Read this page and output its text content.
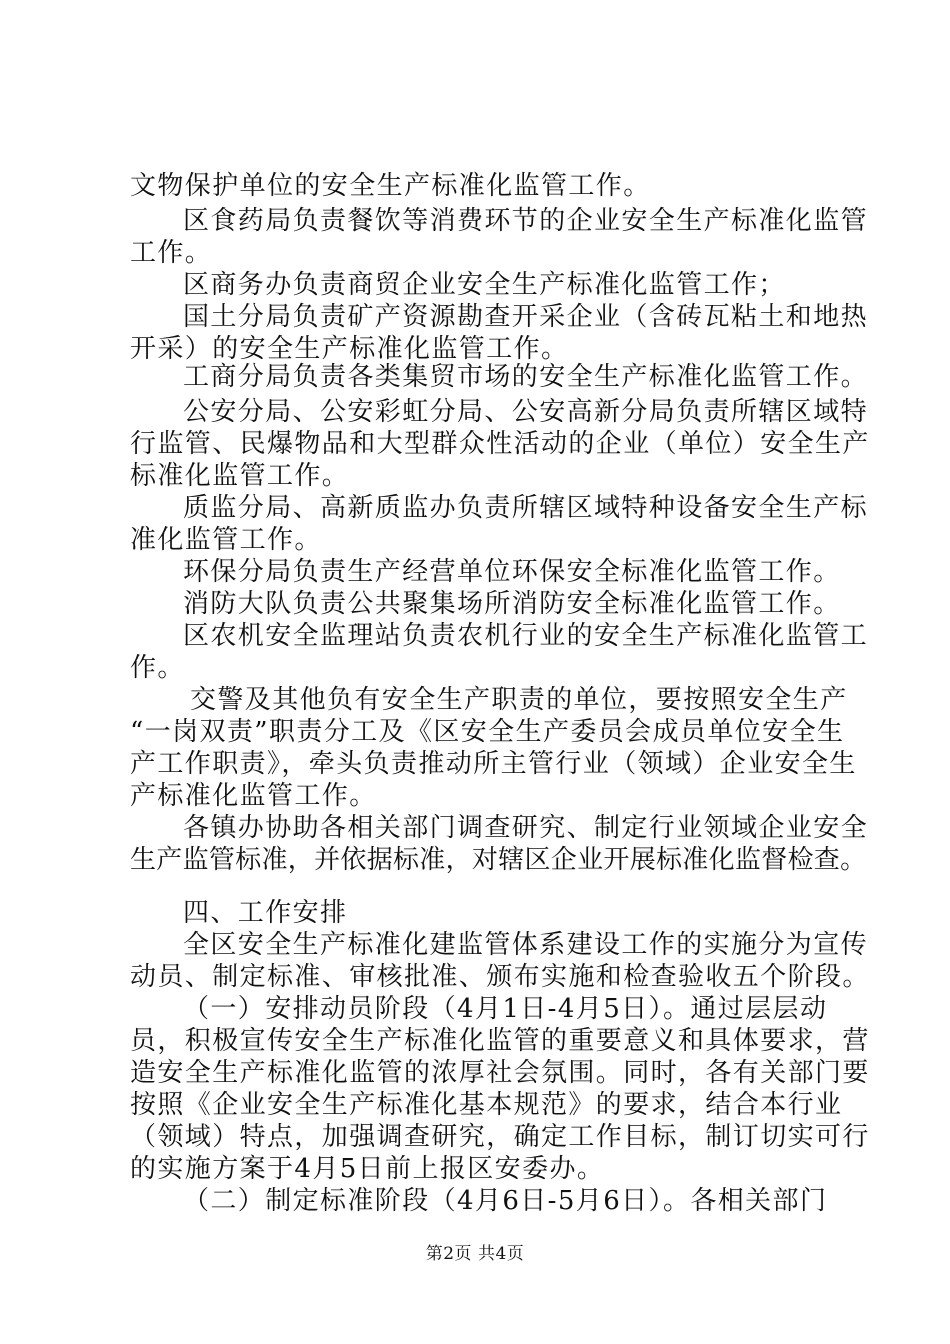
文物保护单位的安全生产标准化监管工作。
区食药局负责餐饮等消费环节的企业安全生产标准化监管
工作。
区商务办负责商贸企业安全生产标准化监管工作；
国土分局负责矿产资源勘查开采企业（含砖瓦粘土和地热
开采）的安全生产标准化监管工作。
工商分局负责各类集贸市场的安全生产标准化监管工作。
公安分局、公安彩虹分局、公安高新分局负责所辖区域特
行监管、民爆物品和大型群众性活动的企业（单位）安全生产
标准化监管工作。
质监分局、高新质监办负责所辖区域特种设备安全生产标
准化监管工作。
环保分局负责生产经营单位环保安全标准化监管工作。
消防大队负责公共聚集场所消防安全标准化监管工作。
区农机安全监理站负责农机行业的安全生产标准化监管工
作。
交警及其他负有安全生产职责的单位，要按照安全生产
“一岗双责”职责分工及《区安全生产委员会成员单位安全生
产工作职责》，牵头负责推动所主管行业（领域）企业安全生
产标准化监管工作。
各镇办协助各相关部门调查研究、制定行业领域企业安全
生产监管标准，并依据标准，对辖区企业开展标准化监督检查。
四、工作安排
全区安全生产标准化建监管体系建设工作的实施分为宣传
动员、制定标准、审核批准、颁布实施和检查验收五个阶段。
（一）安排动员阶段（4月1日-4月5日）。通过层层动
员，积极宣传安全生产标准化监管的重要意义和具体要求，营
造安全生产标准化监管的浓厚社会氛围。同时，各有关部门要
按照《企业安全生产标准化基本规范》的要求，结合本行业
（领域）特点，加强调查研究，确定工作目标，制订切实可行
的实施方案于4月5日前上报区安委办。
（二）制定标准阶段（4月6日-5月6日）。各相关部门
第2页 共4页
